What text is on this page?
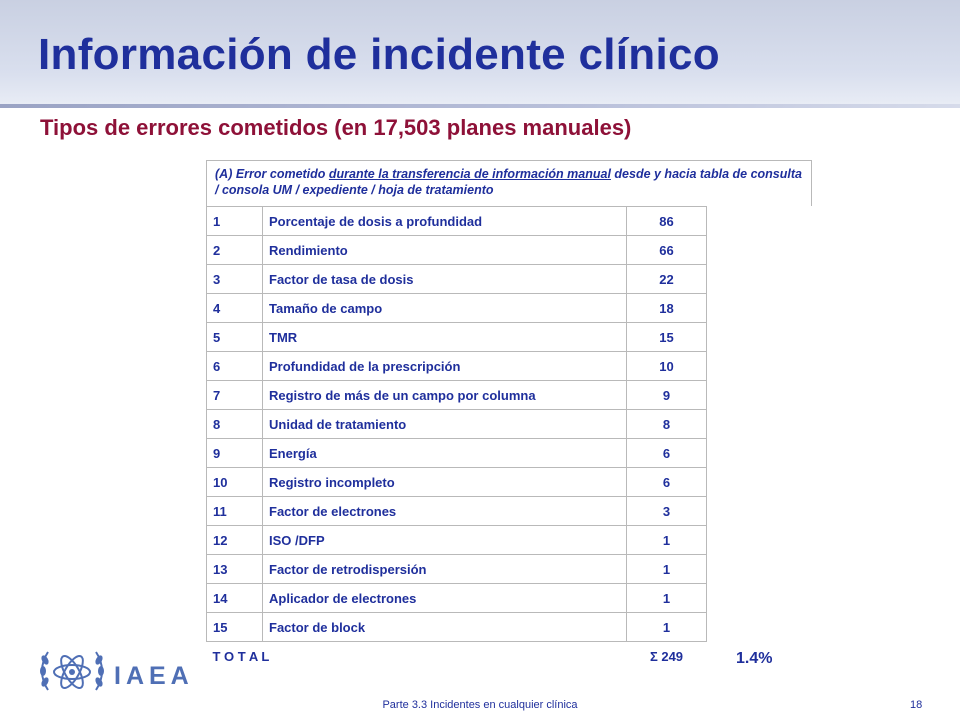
Información de incidente clínico
Tipos de errores cometidos (en 17,503 planes manuales)
(A) Error cometido durante la transferencia de información manual desde y hacia tabla de consulta / consola UM / expediente / hoja de tratamiento
1	Porcentaje de dosis a profundidad	86
2	Rendimiento	66
3	Factor de tasa de dosis	22
4	Tamaño de campo	18
5	TMR	15
6	Profundidad de la prescripción	10
7	Registro de más de un campo por columna	9
8	Unidad de tratamiento	8
9	Energía	6
10	Registro incompleto	6
11	Factor de electrones	3
12	ISO /DFP	1
13	Factor de retrodispersión	1
14	Aplicador de electrones	1
15	Factor de block	1
T O T A L		Σ 249	1.4%
IAEA
Parte 3.3 Incidentes en cualquier clínica	18
